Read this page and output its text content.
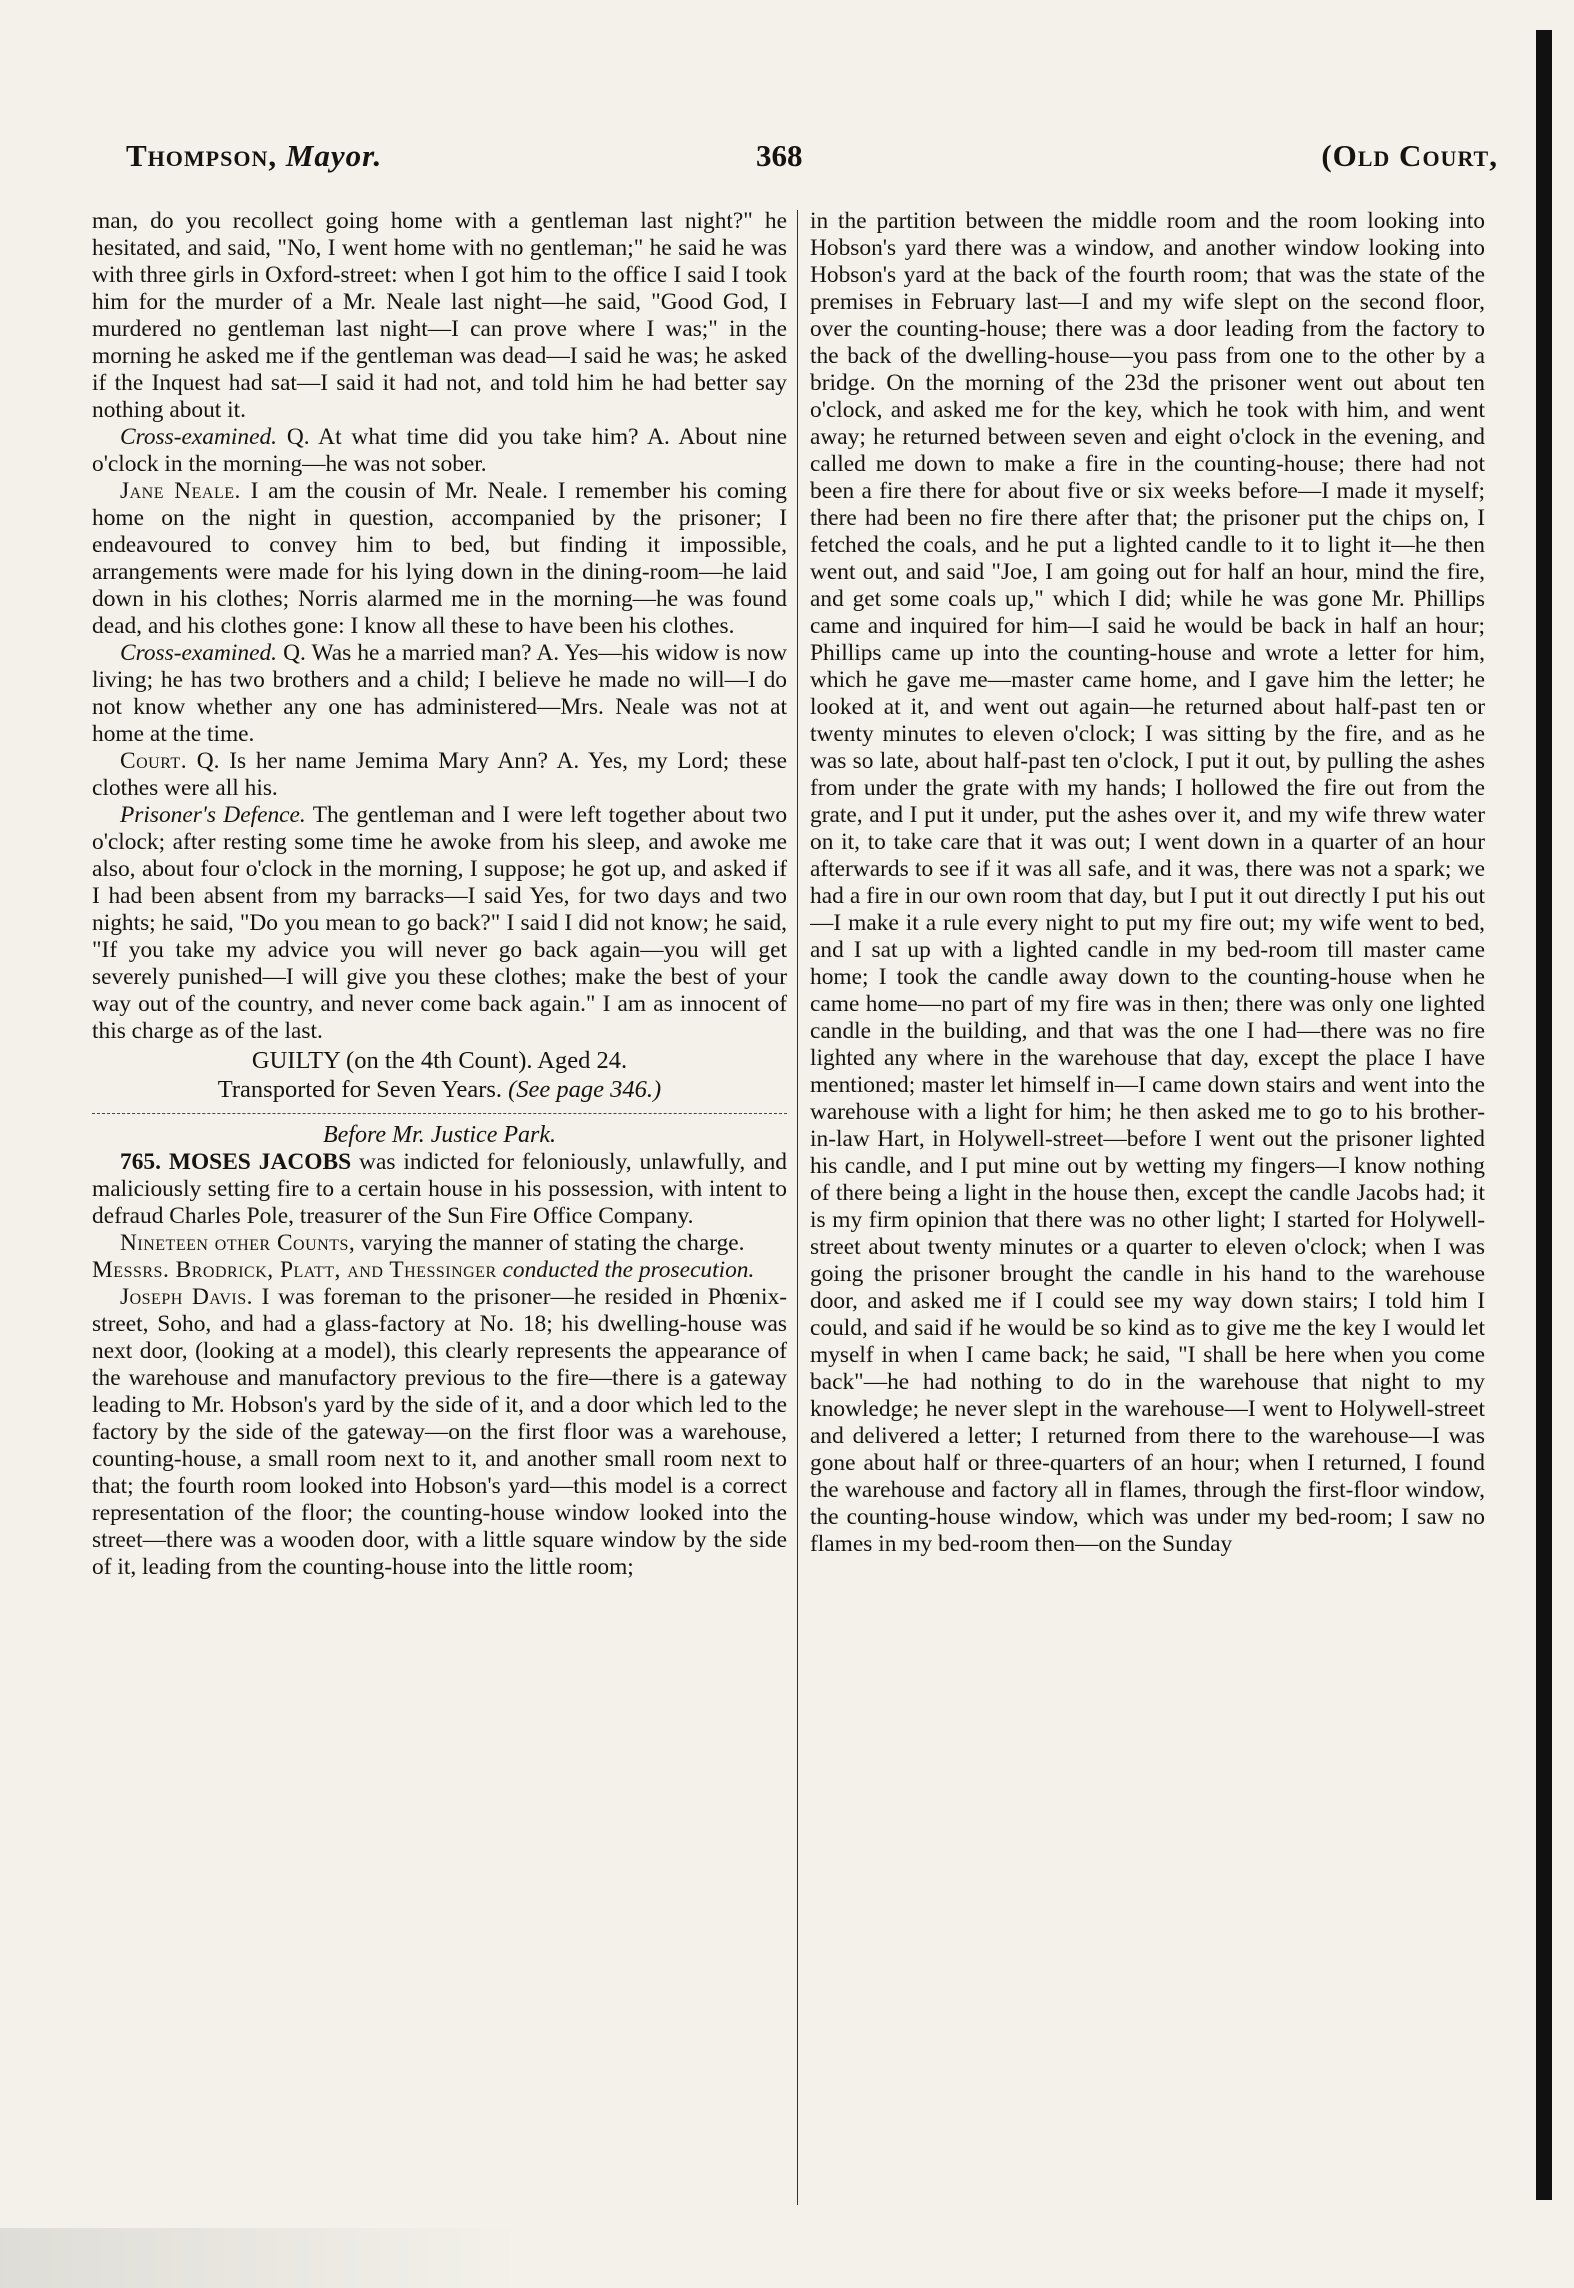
Thompson, Mayor.	368	(Old Court,

man, do you recollect going home with a gentleman last night?" he hesitated, and said, "No, I went home with no gentleman;" he said he was with three girls in Oxford-street: when I got him to the office I said I took him for the murder of a Mr. Neale last night—he said, "Good God, I murdered no gentleman last night—I can prove where I was;" in the morning he asked me if the gentleman was dead—I said he was; he asked if the Inquest had sat—I said it had not, and told him he had better say nothing about it.

Cross-examined. Q. At what time did you take him? A. About nine o'clock in the morning—he was not sober.

Jane Neale. I am the cousin of Mr. Neale. I remember his coming home on the night in question, accompanied by the prisoner; I endeavoured to convey him to bed, but finding it impossible, arrangements were made for his lying down in the dining-room—he laid down in his clothes; Norris alarmed me in the morning—he was found dead, and his clothes gone: I know all these to have been his clothes.

Cross-examined. Q. Was he a married man? A. Yes—his widow is now living; he has two brothers and a child; I believe he made no will—I do not know whether any one has administered—Mrs. Neale was not at home at the time.

Court. Q. Is her name Jemima Mary Ann? A. Yes, my Lord; these clothes were all his.

Prisoner's Defence. The gentleman and I were left together about two o'clock; after resting some time he awoke from his sleep, and awoke me also, about four o'clock in the morning, I suppose; he got up, and asked if I had been absent from my barracks—I said Yes, for two days and two nights; he said, "Do you mean to go back?" I said I did not know; he said, "If you take my advice you will never go back again—you will get severely punished—I will give you these clothes; make the best of your way out of the country, and never come back again." I am as innocent of this charge as of the last.

GUILTY (on the 4th Count). Aged 24.

Transported for Seven Years. (See page 346.)

Before Mr. Justice Park.

765. MOSES JACOBS was indicted for feloniously, unlawfully, and maliciously setting fire to a certain house in his possession, with intent to defraud Charles Pole, treasurer of the Sun Fire Office Company.

Nineteen other Counts, varying the manner of stating the charge.

Messrs. Brodrick, Platt, and Thessinger conducted the prosecution.

Joseph Davis. I was foreman to the prisoner—he resided in Phœnix-street, Soho, and had a glass-factory at No. 18; his dwelling-house was next door, (looking at a model), this clearly represents the appearance of the warehouse and manufactory previous to the fire—there is a gateway leading to Mr. Hobson's yard by the side of it, and a door which led to the factory by the side of the gateway—on the first floor was a warehouse, counting-house, a small room next to it, and another small room next to that; the fourth room looked into Hobson's yard—this model is a correct representation of the floor; the counting-house window looked into the street—there was a wooden door, with a little square window by the side of it, leading from the counting-house into the little room;

in the partition between the middle room and the room looking into Hobson's yard there was a window, and another window looking into Hobson's yard at the back of the fourth room; that was the state of the premises in February last—I and my wife slept on the second floor, over the counting-house; there was a door leading from the factory to the back of the dwelling-house—you pass from one to the other by a bridge. On the morning of the 23d the prisoner went out about ten o'clock, and asked me for the key, which he took with him, and went away; he returned between seven and eight o'clock in the evening, and called me down to make a fire in the counting-house; there had not been a fire there for about five or six weeks before—I made it myself; there had been no fire there after that; the prisoner put the chips on, I fetched the coals, and he put a lighted candle to it to light it—he then went out, and said "Joe, I am going out for half an hour, mind the fire, and get some coals up," which I did; while he was gone Mr. Phillips came and inquired for him—I said he would be back in half an hour; Phillips came up into the counting-house and wrote a letter for him, which he gave me—master came home, and I gave him the letter; he looked at it, and went out again—he returned about half-past ten or twenty minutes to eleven o'clock; I was sitting by the fire, and as he was so late, about half-past ten o'clock, I put it out, by pulling the ashes from under the grate with my hands; I hollowed the fire out from the grate, and I put it under, put the ashes over it, and my wife threw water on it, to take care that it was out; I went down in a quarter of an hour afterwards to see if it was all safe, and it was, there was not a spark; we had a fire in our own room that day, but I put it out directly I put his out—I make it a rule every night to put my fire out; my wife went to bed, and I sat up with a lighted candle in my bed-room till master came home; I took the candle away down to the counting-house when he came home—no part of my fire was in then; there was only one lighted candle in the building, and that was the one I had—there was no fire lighted any where in the warehouse that day, except the place I have mentioned; master let himself in—I came down stairs and went into the warehouse with a light for him; he then asked me to go to his brother-in-law Hart, in Holywell-street—before I went out the prisoner lighted his candle, and I put mine out by wetting my fingers—I know nothing of there being a light in the house then, except the candle Jacobs had; it is my firm opinion that there was no other light; I started for Holywell-street about twenty minutes or a quarter to eleven o'clock; when I was going the prisoner brought the candle in his hand to the warehouse door, and asked me if I could see my way down stairs; I told him I could, and said if he would be so kind as to give me the key I would let myself in when I came back; he said, "I shall be here when you come back"—he had nothing to do in the warehouse that night to my knowledge; he never slept in the warehouse—I went to Holywell-street and delivered a letter; I returned from there to the warehouse—I was gone about half or three-quarters of an hour; when I returned, I found the warehouse and factory all in flames, through the first-floor window, the counting-house window, which was under my bed-room; I saw no flames in my bed-room then—on the Sunday
